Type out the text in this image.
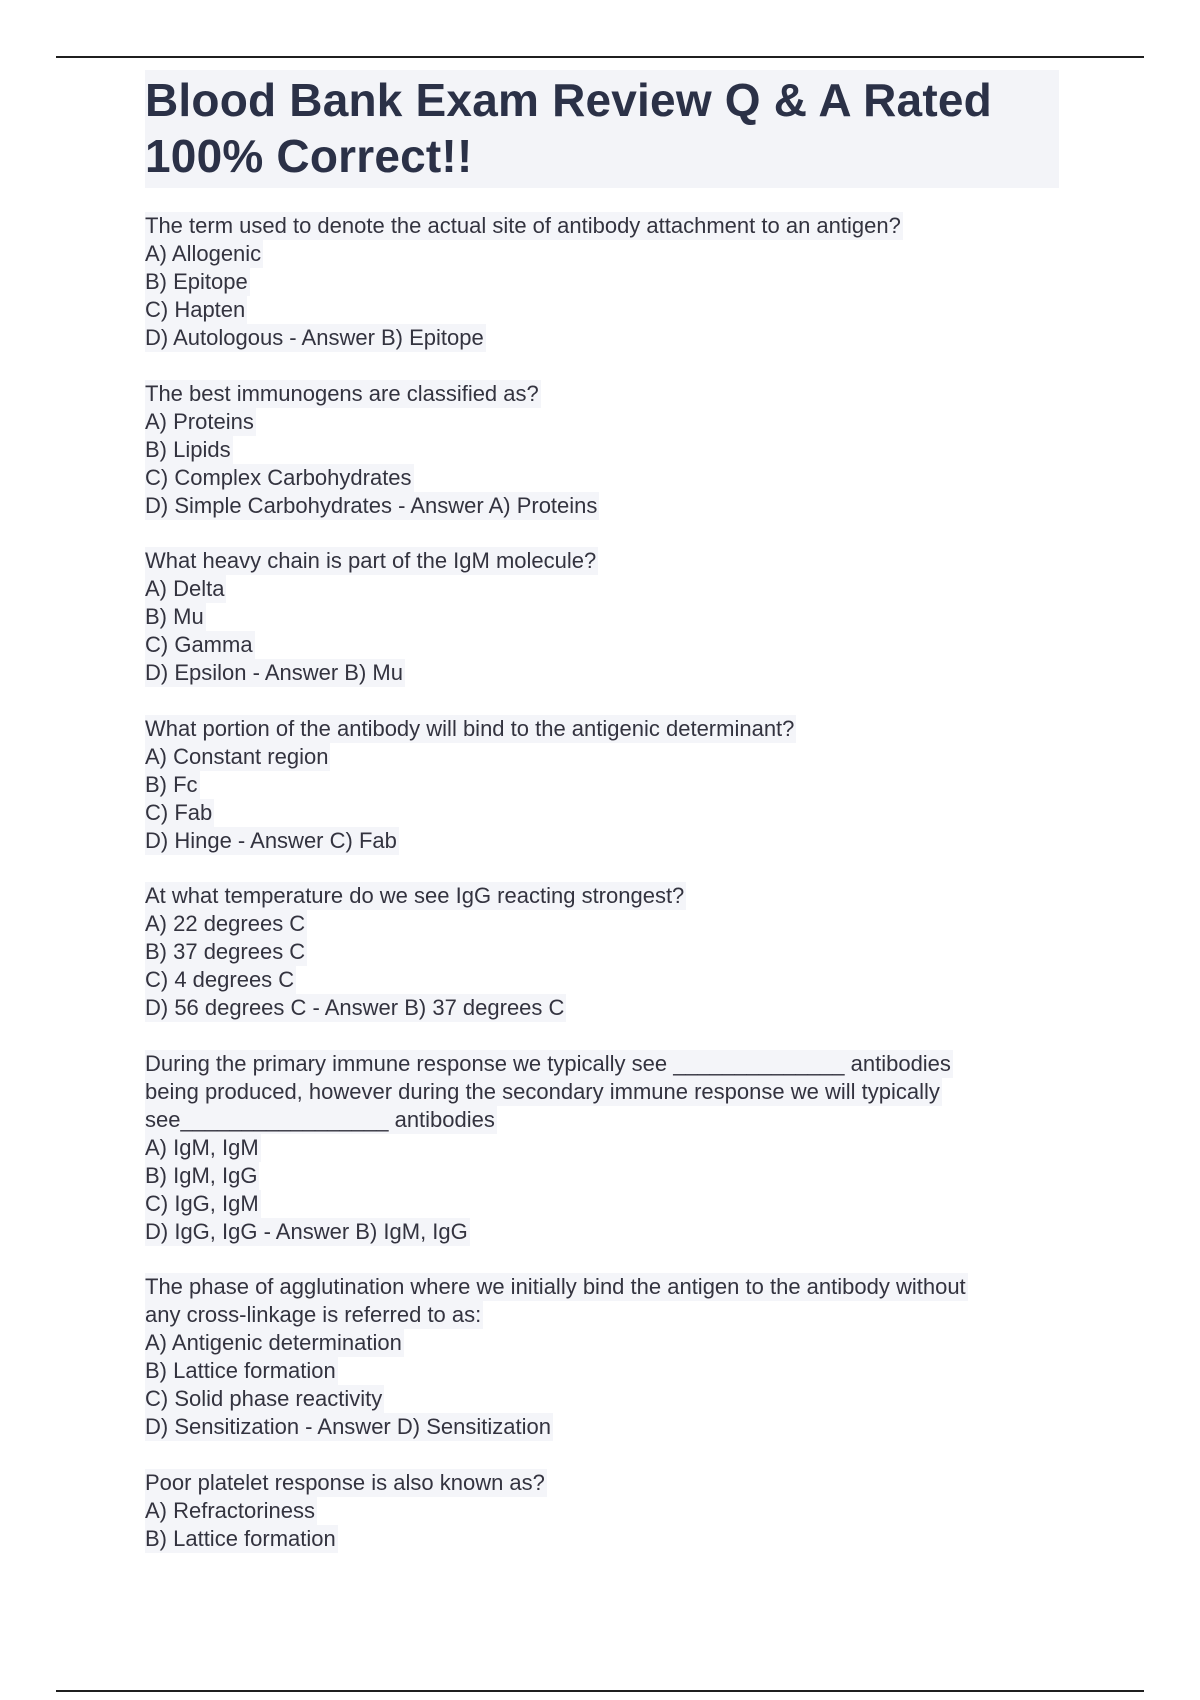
Blood Bank Exam Review Q & A Rated 100% Correct!!
The term used to denote the actual site of antibody attachment to an antigen?
A) Allogenic
B) Epitope
C) Hapten
D) Autologous - Answer B) Epitope
The best immunogens are classified as?
A) Proteins
B) Lipids
C) Complex Carbohydrates
D) Simple Carbohydrates - Answer A) Proteins
What heavy chain is part of the IgM molecule?
A) Delta
B) Mu
C) Gamma
D) Epsilon - Answer B) Mu
What portion of the antibody will bind to the antigenic determinant?
A) Constant region
B) Fc
C) Fab
D) Hinge - Answer C) Fab
At what temperature do we see IgG reacting strongest?
A) 22 degrees C
B) 37 degrees C
C) 4 degrees C
D) 56 degrees C - Answer B) 37 degrees C
During the primary immune response we typically see ______________ antibodies
being produced, however during the secondary immune response we will typically
see_________________ antibodies
A) IgM, IgM
B) IgM, IgG
C) IgG, IgM
D) IgG, IgG - Answer B) IgM, IgG
The phase of agglutination where we initially bind the antigen to the antibody without
any cross-linkage is referred to as:
A) Antigenic determination
B) Lattice formation
C) Solid phase reactivity
D) Sensitization - Answer D) Sensitization
Poor platelet response is also known as?
A) Refractoriness
B) Lattice formation
